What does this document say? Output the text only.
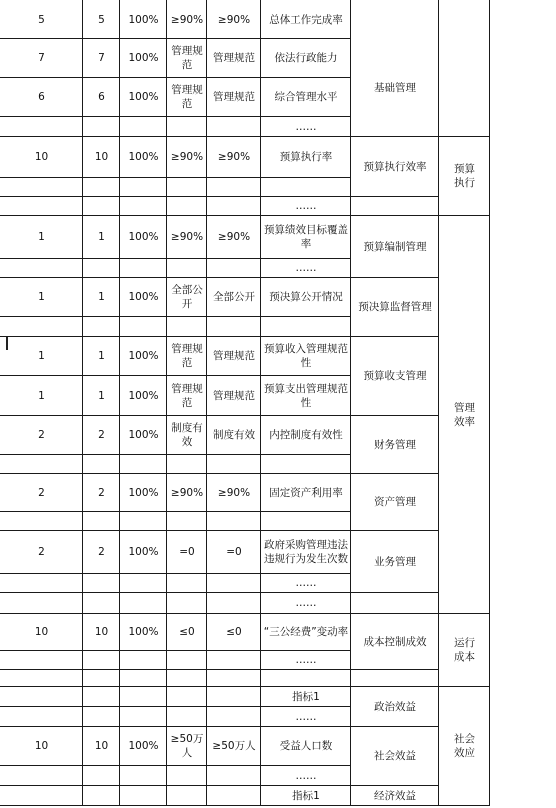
总体工作完成率
≥90%
≥90%
100%
5
5
依法行政能力
管理规范
管理规范
100%
7
7
综合管理水平
管理规范
管理规范
100%
6
6
……
预算执行率
≥90%
≥90%
100%
10
10
……
预算绩效目标覆盖率
≥90%
≥90%
100%
1
1
……
预决算公开情况
全部公开
全部公开
100%
1
1
预算收入管理规范性
管理规范
管理规范
100%
1
1
预算支出管理规范性
管理规范
管理规范
100%
1
1
内控制度有效性
制度有效
制度有效
100%
2
2
固定资产利用率
≥90%
≥90%
100%
2
2
政府采购管理违法违规行为发生次数
=0
=0
100%
2
2
……
……
“三公经费”变动率
≤0
≤0
100%
10
10
……
指标1
……
受益人口数
≥50万人
≥50万人
100%
10
10
……
指标1
基础管理
预算执行效率
预算编制管理
预决算监督管理
预算收支管理
财务管理
资产管理
业务管理
成本控制成效
政治效益
社会效益
经济效益
预算执行
管理效率
运行成本
社会效应
